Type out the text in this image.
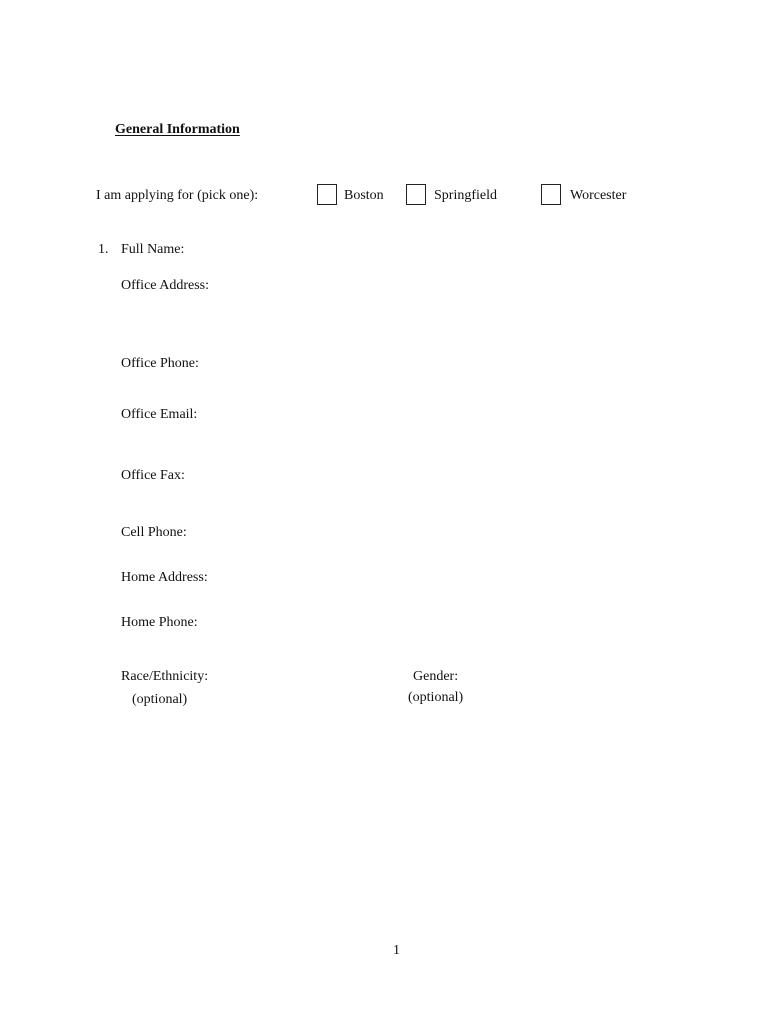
General Information
I am applying for (pick one):	Boston	Springfield	Worcester
1. Full Name:
Office Address:
Office Phone:
Office Email:
Office Fax:
Cell Phone:
Home Address:
Home Phone:
Race/Ethnicity:
(optional)
Gender:
(optional)
1
